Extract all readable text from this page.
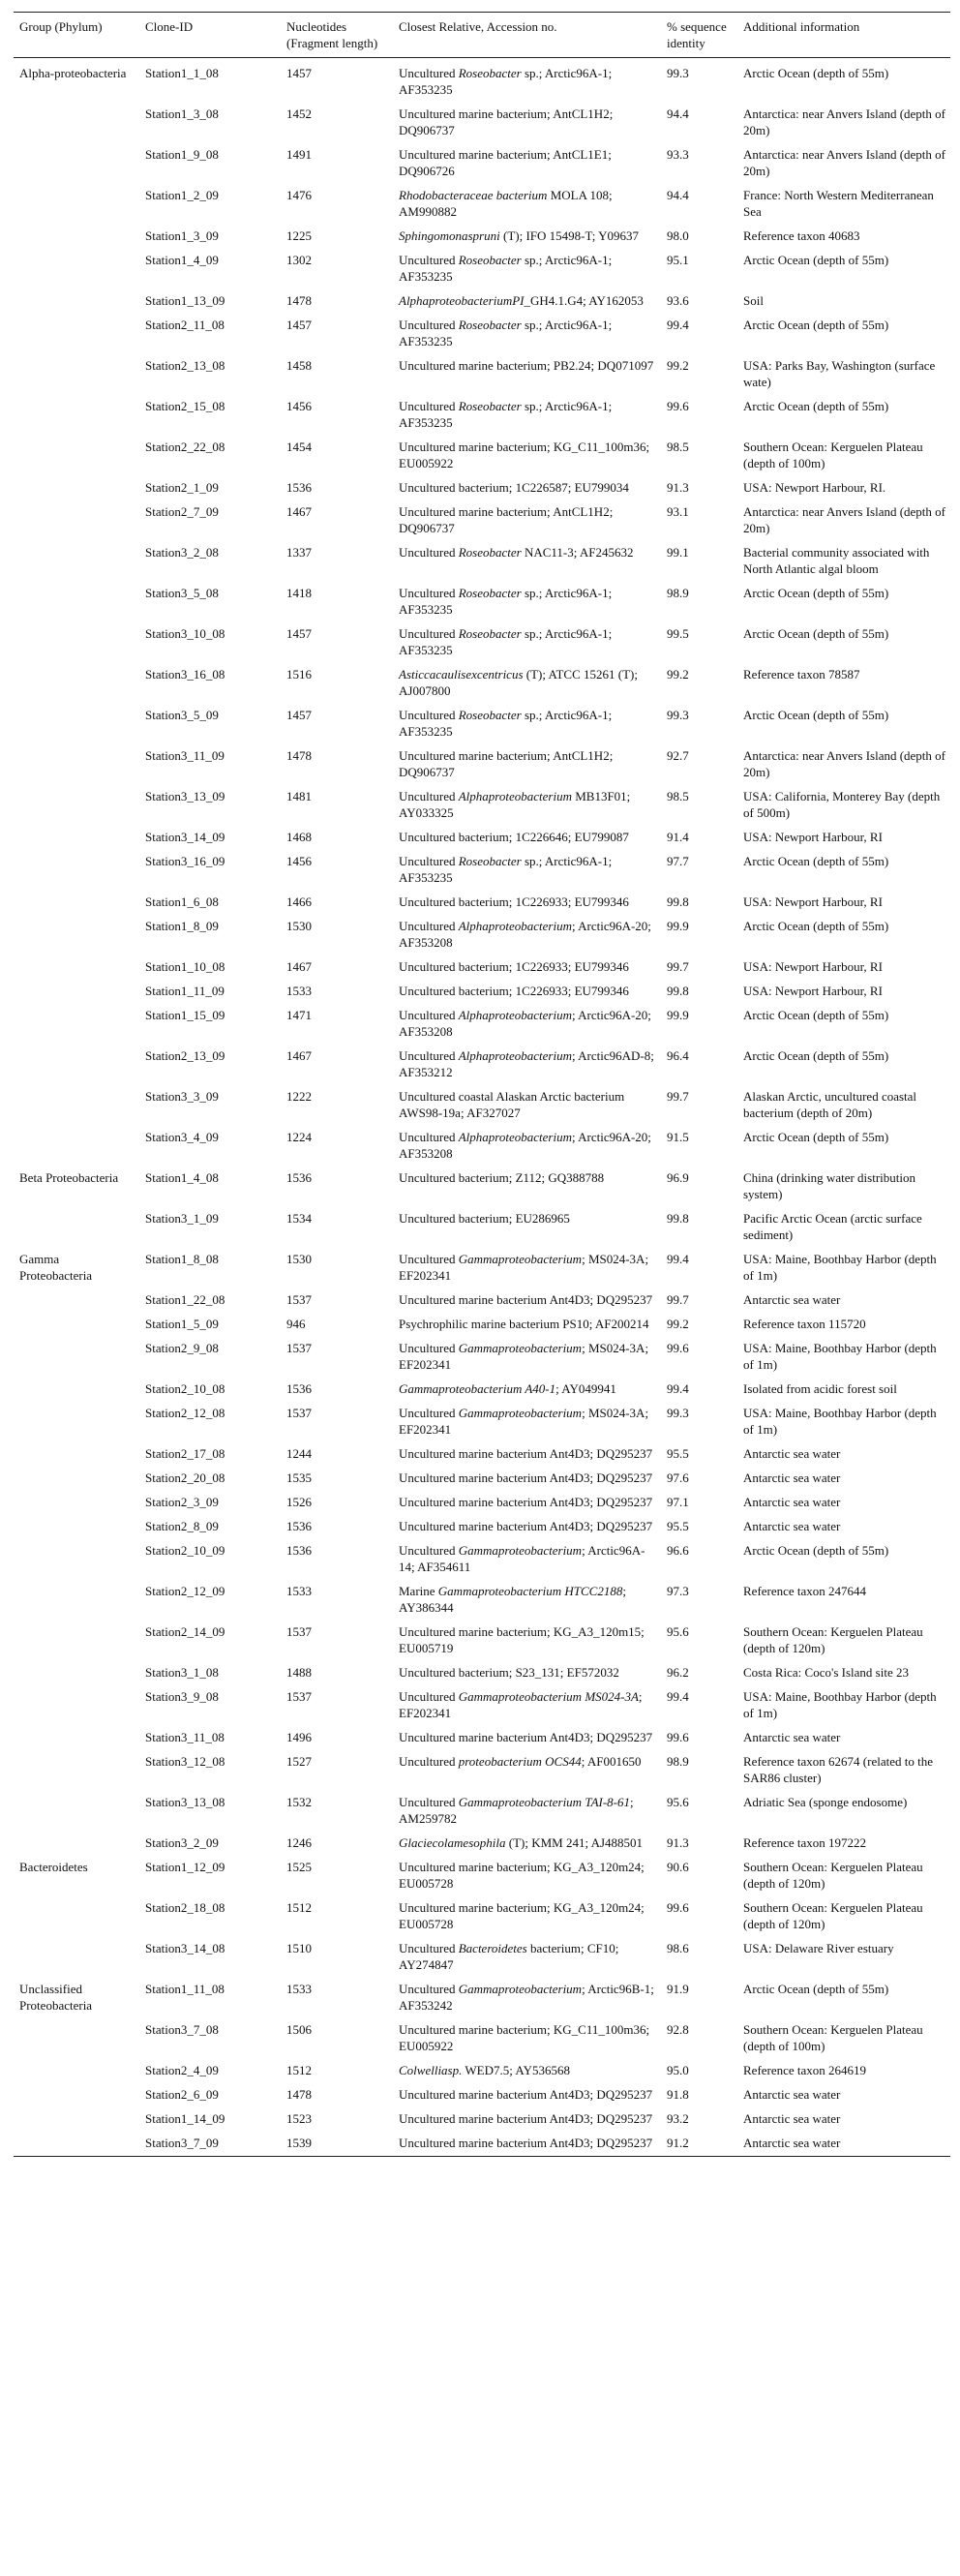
Group (Phylum)	Clone-ID	Nucleotides (Fragment length)	Closest Relative, Accession no.	% sequence identity	Additional information
Alpha-proteobacteria	Station1_1_08	1457	Uncultured Roseobacter sp.; Arctic96A-1; AF353235	99.3	Arctic Ocean (depth of 55m)
	Station1_3_08	1452	Uncultured marine bacterium; AntCL1H2; DQ906737	94.4	Antarctica: near Anvers Island (depth of 20m)
	Station1_9_08	1491	Uncultured marine bacterium; AntCL1E1; DQ906726	93.3	Antarctica: near Anvers Island (depth of 20m)
	Station1_2_09	1476	Rhodobacteraceae bacterium MOLA 108; AM990882	94.4	France: North Western Mediterranean Sea
	Station1_3_09	1225	Sphingomonaspruni (T); IFO 15498-T; Y09637	98.0	Reference taxon 40683
	Station1_4_09	1302	Uncultured Roseobacter sp.; Arctic96A-1; AF353235	95.1	Arctic Ocean (depth of 55m)
	Station1_13_09	1478	AlphaproteobacteriumPI_GH4.1.G4; AY162053	93.6	Soil
	Station2_11_08	1457	Uncultured Roseobacter sp.; Arctic96A-1; AF353235	99.4	Arctic Ocean (depth of 55m)
	Station2_13_08	1458	Uncultured marine bacterium; PB2.24; DQ071097	99.2	USA: Parks Bay, Washington (surface wate)
	Station2_15_08	1456	Uncultured Roseobacter sp.; Arctic96A-1; AF353235	99.6	Arctic Ocean (depth of 55m)
	Station2_22_08	1454	Uncultured marine bacterium; KG_C11_100m36; EU005922	98.5	Southern Ocean: Kerguelen Plateau (depth of 100m)
	Station2_1_09	1536	Uncultured bacterium; 1C226587; EU799034	91.3	USA: Newport Harbour, RI.
	Station2_7_09	1467	Uncultured marine bacterium; AntCL1H2; DQ906737	93.1	Antarctica: near Anvers Island (depth of 20m)
	Station3_2_08	1337	Uncultured Roseobacter NAC11-3; AF245632	99.1	Bacterial community associated with North Atlantic algal bloom
	Station3_5_08	1418	Uncultured Roseobacter sp.; Arctic96A-1; AF353235	98.9	Arctic Ocean (depth of 55m)
	Station3_10_08	1457	Uncultured Roseobacter sp.; Arctic96A-1; AF353235	99.5	Arctic Ocean (depth of 55m)
	Station3_16_08	1516	Asticcacaulisexcentricus (T); ATCC 15261 (T); AJ007800	99.2	Reference taxon 78587
	Station3_5_09	1457	Uncultured Roseobacter sp.; Arctic96A-1; AF353235	99.3	Arctic Ocean (depth of 55m)
	Station3_11_09	1478	Uncultured marine bacterium; AntCL1H2; DQ906737	92.7	Antarctica: near Anvers Island (depth of 20m)
	Station3_13_09	1481	Uncultured Alphaproteobacterium MB13F01; AY033325	98.5	USA: California, Monterey Bay (depth of 500m)
	Station3_14_09	1468	Uncultured bacterium; 1C226646; EU799087	91.4	USA: Newport Harbour, RI
	Station3_16_09	1456	Uncultured Roseobacter sp.; Arctic96A-1; AF353235	97.7	Arctic Ocean (depth of 55m)
	Station1_6_08	1466	Uncultured bacterium; 1C226933; EU799346	99.8	USA: Newport Harbour, RI
	Station1_8_09	1530	Uncultured Alphaproteobacterium; Arctic96A-20; AF353208	99.9	Arctic Ocean (depth of 55m)
	Station1_10_08	1467	Uncultured bacterium; 1C226933; EU799346	99.7	USA: Newport Harbour, RI
	Station1_11_09	1533	Uncultured bacterium; 1C226933; EU799346	99.8	USA: Newport Harbour, RI
	Station1_15_09	1471	Uncultured Alphaproteobacterium; Arctic96A-20; AF353208	99.9	Arctic Ocean (depth of 55m)
	Station2_13_09	1467	Uncultured Alphaproteobacterium; Arctic96AD-8; AF353212	96.4	Arctic Ocean (depth of 55m)
	Station3_3_09	1222	Uncultured coastal Alaskan Arctic bacterium AWS98-19a; AF327027	99.7	Alaskan Arctic, uncultured coastal bacterium (depth of 20m)
	Station3_4_09	1224	Uncultured Alphaproteobacterium; Arctic96A-20; AF353208	91.5	Arctic Ocean (depth of 55m)
Beta Proteobacteria	Station1_4_08	1536	Uncultured bacterium; Z112; GQ388788	96.9	China (drinking water distribution system)
	Station3_1_09	1534	Uncultured bacterium; EU286965	99.8	Pacific Arctic Ocean (arctic surface sediment)
Gamma Proteobacteria	Station1_8_08	1530	Uncultured Gammaproteobacterium; MS024-3A; EF202341	99.4	USA: Maine, Boothbay Harbor (depth of 1m)
	Station1_22_08	1537	Uncultured marine bacterium Ant4D3; DQ295237	99.7	Antarctic sea water
	Station1_5_09	946	Psychrophilic marine bacterium PS10; AF200214	99.2	Reference taxon 115720
	Station2_9_08	1537	Uncultured Gammaproteobacterium; MS024-3A; EF202341	99.6	USA: Maine, Boothbay Harbor (depth of 1m)
	Station2_10_08	1536	Gammaproteobacterium A40-1; AY049941	99.4	Isolated from acidic forest soil
	Station2_12_08	1537	Uncultured Gammaproteobacterium; MS024-3A; EF202341	99.3	USA: Maine, Boothbay Harbor (depth of 1m)
	Station2_17_08	1244	Uncultured marine bacterium Ant4D3; DQ295237	95.5	Antarctic sea water
	Station2_20_08	1535	Uncultured marine bacterium Ant4D3; DQ295237	97.6	Antarctic sea water
	Station2_3_09	1526	Uncultured marine bacterium Ant4D3; DQ295237	97.1	Antarctic sea water
	Station2_8_09	1536	Uncultured marine bacterium Ant4D3; DQ295237	95.5	Antarctic sea water
	Station2_10_09	1536	Uncultured Gammaproteobacterium; Arctic96A-14; AF354611	96.6	Arctic Ocean (depth of 55m)
	Station2_12_09	1533	Marine Gammaproteobacterium HTCC2188; AY386344	97.3	Reference taxon 247644
	Station2_14_09	1537	Uncultured marine bacterium; KG_A3_120m15; EU005719	95.6	Southern Ocean: Kerguelen Plateau (depth of 120m)
	Station3_1_08	1488	Uncultured bacterium; S23_131; EF572032	96.2	Costa Rica: Coco's Island site 23
	Station3_9_08	1537	Uncultured Gammaproteobacterium MS024-3A; EF202341	99.4	USA: Maine, Boothbay Harbor (depth of 1m)
	Station3_11_08	1496	Uncultured marine bacterium Ant4D3; DQ295237	99.6	Antarctic sea water
	Station3_12_08	1527	Uncultured proteobacterium OCS44; AF001650	98.9	Reference taxon 62674 (related to the SAR86 cluster)
	Station3_13_08	1532	Uncultured Gammaproteobacterium TAI-8-61; AM259782	95.6	Adriatic Sea (sponge endosome)
	Station3_2_09	1246	Glaciecolamesophila (T); KMM 241; AJ488501	91.3	Reference taxon 197222
Bacteroidetes	Station1_12_09	1525	Uncultured marine bacterium; KG_A3_120m24; EU005728	90.6	Southern Ocean: Kerguelen Plateau (depth of 120m)
	Station2_18_08	1512	Uncultured marine bacterium; KG_A3_120m24; EU005728	99.6	Southern Ocean: Kerguelen Plateau (depth of 120m)
	Station3_14_08	1510	Uncultured Bacteroidetes bacterium; CF10; AY274847	98.6	USA: Delaware River estuary
Unclassified Proteobacteria	Station1_11_08	1533	Uncultured Gammaproteobacterium; Arctic96B-1; AF353242	91.9	Arctic Ocean (depth of 55m)
	Station3_7_08	1506	Uncultured marine bacterium; KG_C11_100m36; EU005922	92.8	Southern Ocean: Kerguelen Plateau (depth of 100m)
	Station2_4_09	1512	Colwelliasp. WED7.5; AY536568	95.0	Reference taxon 264619
	Station2_6_09	1478	Uncultured marine bacterium Ant4D3; DQ295237	91.8	Antarctic sea water
	Station1_14_09	1523	Uncultured marine bacterium Ant4D3; DQ295237	93.2	Antarctic sea water
	Station3_7_09	1539	Uncultured marine bacterium Ant4D3; DQ295237	91.2	Antarctic sea water
